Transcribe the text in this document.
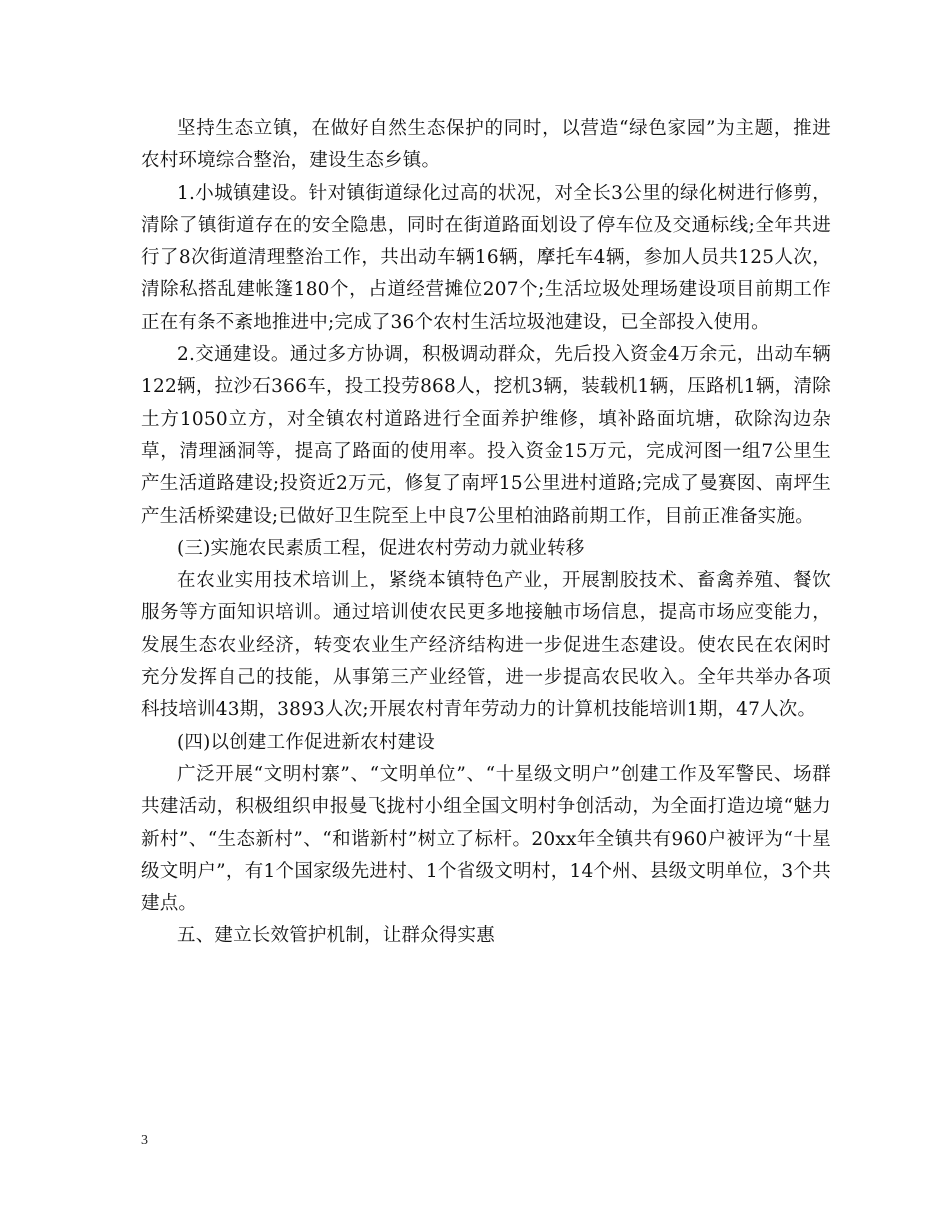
坚持生态立镇，在做好自然生态保护的同时，以营造“绿色家园”为主题，推进农村环境综合整治，建设生态乡镇。

1.小城镇建设。针对镇街道绿化过高的状况，对全长3公里的绿化树进行修剪，清除了镇街道存在的安全隐患，同时在街道路面划设了停车位及交通标线;全年共进行了8次街道清理整治工作，共出动车辆16辆，摩托车4辆，参加人员共125人次，清除私搭乱建帐篷180个，占道经营摊位207个;生活垃圾处理场建设项目前期工作正在有条不紊地推进中;完成了36个农村生活垃圾池建设，已全部投入使用。

2.交通建设。通过多方协调，积极调动群众，先后投入资金4万余元，出动车辆122辆，拉沙石366车，投工投劳868人，挖机3辆，装载机1辆，压路机1辆，清除土方1050立方，对全镇农村道路进行全面养护维修，填补路面坑塘，砍除沟边杂草，清理涵洞等，提高了路面的使用率。投入资金15万元，完成河图一组7公里生产生活道路建设;投资近2万元，修复了南坪15公里进村道路;完成了曼赛囡、南坪生产生活桥梁建设;已做好卫生院至上中良7公里柏油路前期工作，目前正准备实施。

(三)实施农民素质工程，促进农村劳动力就业转移

在农业实用技术培训上，紧绕本镇特色产业，开展割胶技术、畜禽养殖、餐饮服务等方面知识培训。通过培训使农民更多地接触市场信息，提高市场应变能力，发展生态农业经济，转变农业生产经济结构进一步促进生态建设。使农民在农闲时充分发挥自己的技能，从事第三产业经管，进一步提高农民收入。全年共举办各项科技培训43期，3893人次;开展农村青年劳动力的计算机技能培训1期，47人次。

(四)以创建工作促进新农村建设

广泛开展“文明村寨”、“文明单位”、“十星级文明户”创建工作及军警民、场群共建活动，积极组织申报曼飞拢村小组全国文明村争创活动，为全面打造边境“魅力新村”、“生态新村”、“和谐新村”树立了标杆。20xx年全镇共有960户被评为“十星级文明户”，有1个国家级先进村、1个省级文明村，14个州、县级文明单位，3个共建点。

五、建立长效管护机制，让群众得实惠

3
